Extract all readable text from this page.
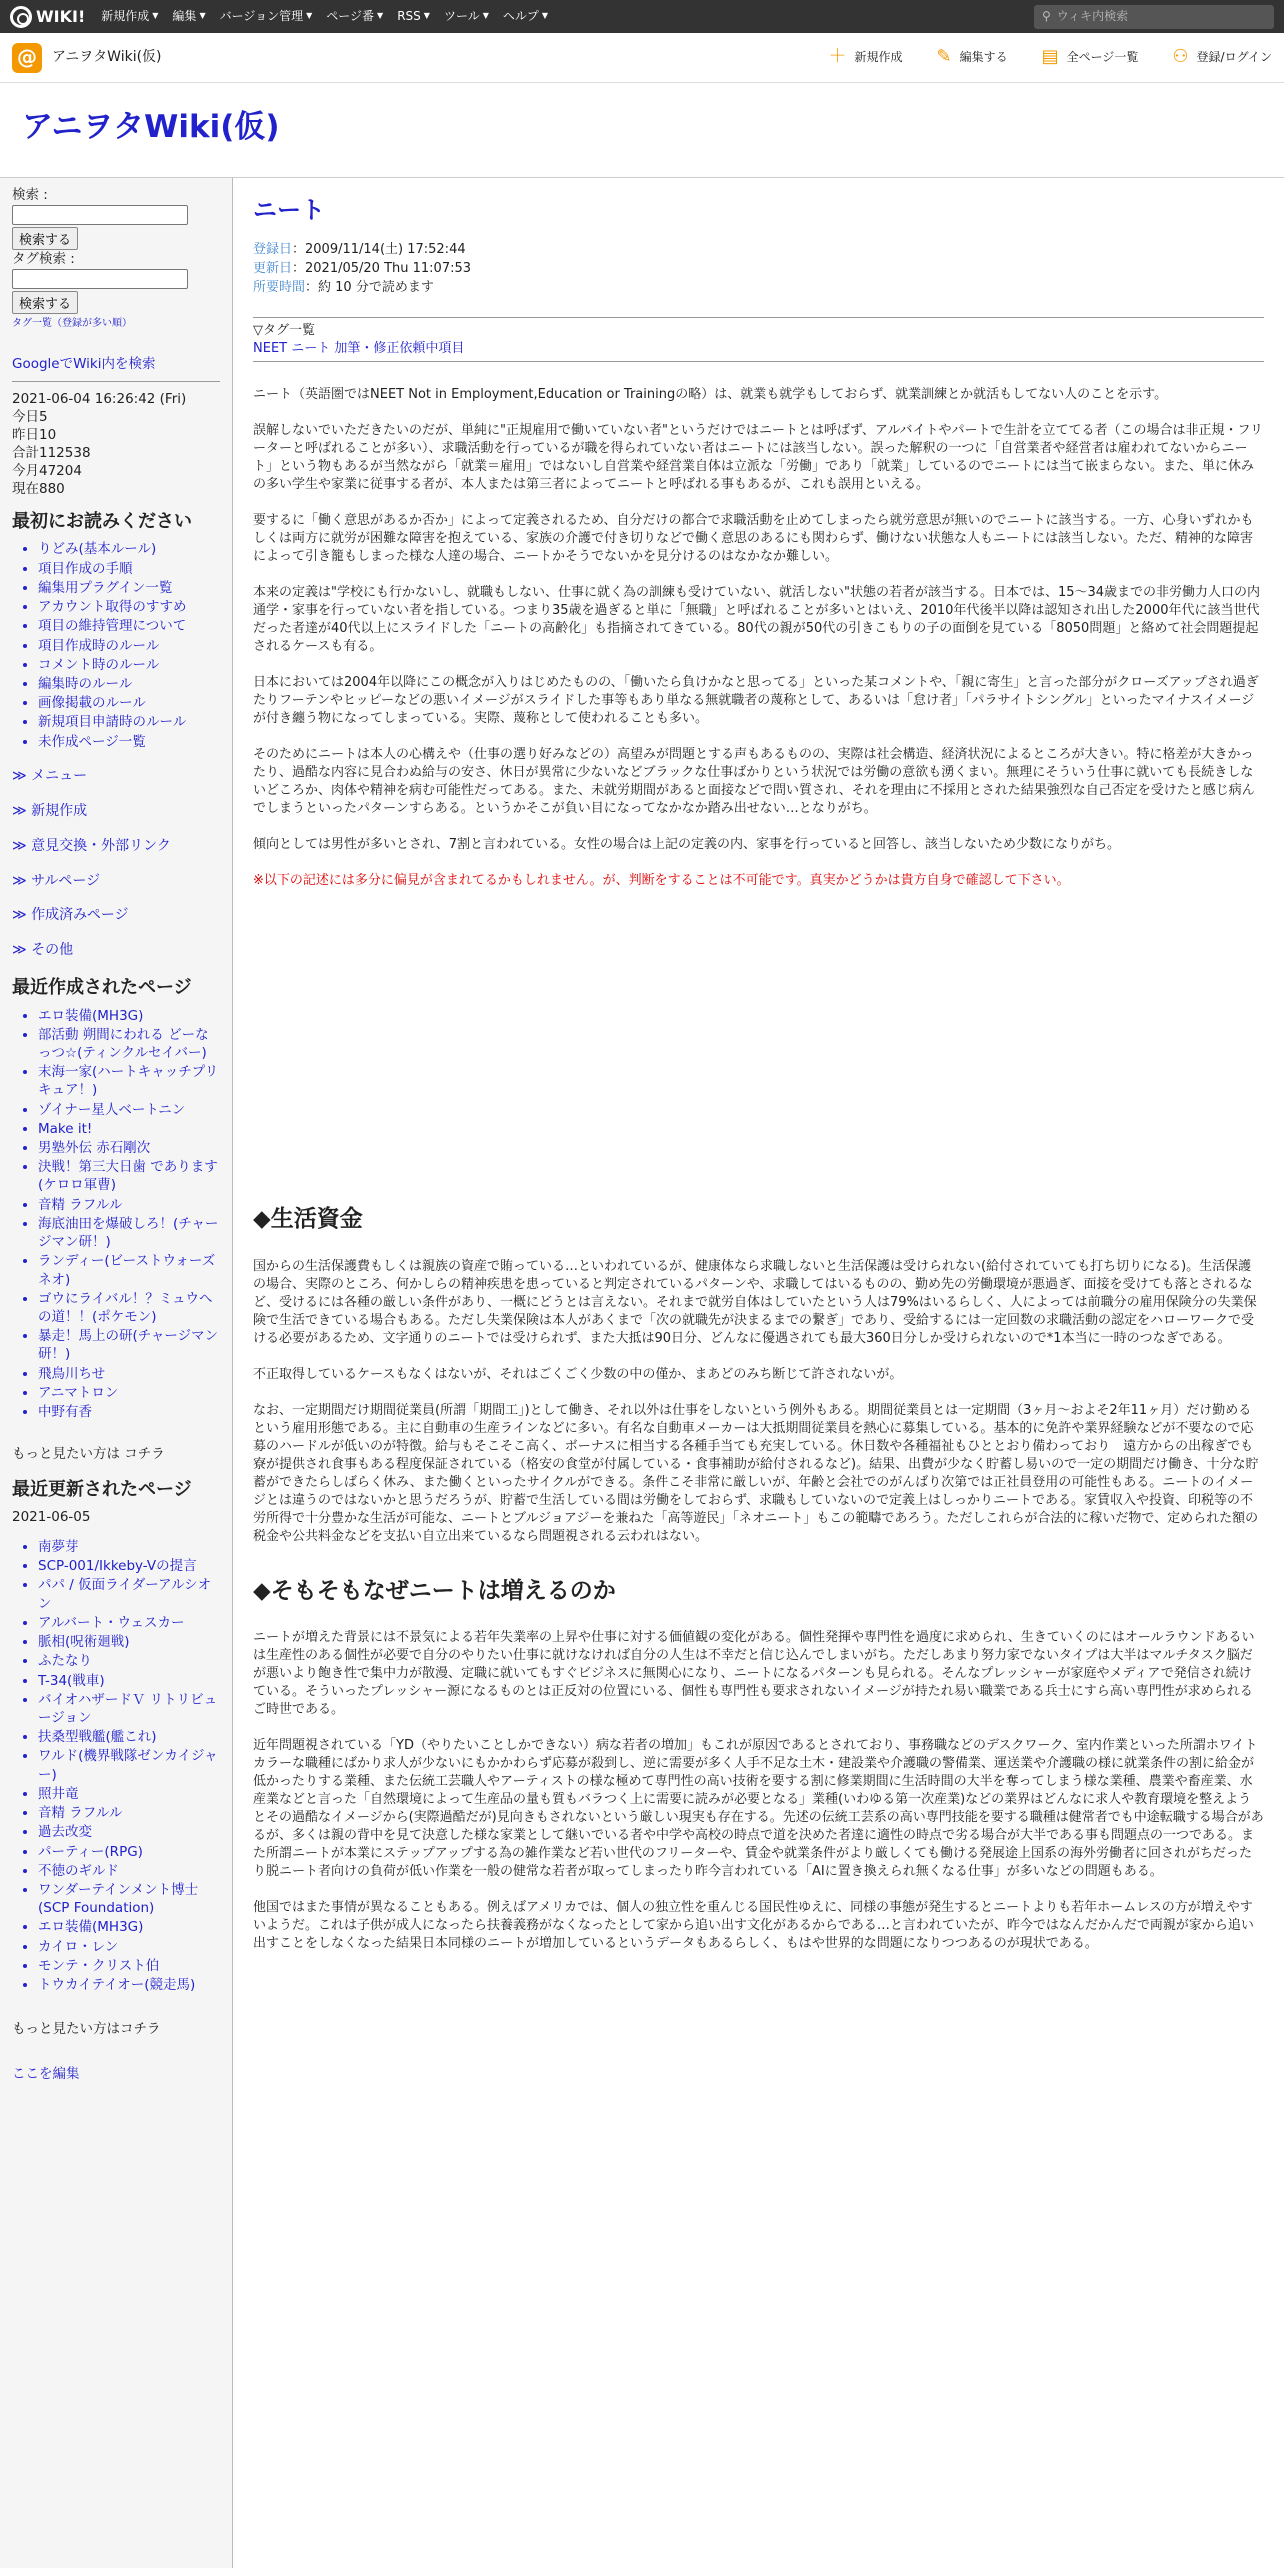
WIKI! 新規作成 ▼ 編集 ▼ バージョン管理 ▼ ページ番 ▼ RSS ▼ ツール ▼ ヘルプ ▼	⚲ ウィキ内検索
@	アニヲタWiki(仮)	＋ 新規作成 ✎ 編集する ▤ 全ページ一覧 ⚇ 登録/ログイン
アニヲタWiki(仮)
検索 :

検索する
タグ検索 :

検索する
タグ一覧（登録が多い順）
GoogleでWiki内を検索
2021-06-04 16:26:42 (Fri)
今日5
昨日10
合計112538
今月47204
現在880
最初にお読みください
• りどみ(基本ルール)
• 項目作成の手順
• 編集用プラグイン一覧
• アカウント取得のすすめ
• 項目の維持管理について
• 項目作成時のルール
• コメント時のルール
• 編集時のルール
• 画像掲載のルール
• 新規項目申請時のルール
• 未作成ページ一覧
≫ メニュー
≫ 新規作成
≫ 意見交換・外部リンク
≫ サルページ
≫ 作成済みページ
≫ その他
最近作成されたページ
• エロ装備(MH3G)
• 部活動 朔間にわれる どーなっつ☆(ティンクルセイバー)
• 末海一家(ハートキャッチプリキュア！)
• ゾイナー星人ベートニン
• Make it!
• 男塾外伝 赤石剛次
• 決戦！第三大日歯 であります(ケロロ軍曹)
• 音精 ラフルル
• 海底油田を爆破しろ！(チャージマン研！)
• ランディー(ビーストウォーズネオ)
• ゴウにライバル！？ミュウへの道！！(ポケモン)
• 暴走！馬上の研(チャージマン研！)
• 飛鳥川ちせ
• アニマトロン
• 中野有香
もっと見たい方は コチラ
最近更新されたページ
2021-06-05
• 南夢芽
• SCP-001/Ikkeby-Vの提言
• パパ / 仮面ライダーアルシオン
• アルバート・ウェスカー
• 脈相(呪術廻戦)
• ふたなり
• T-34(戦車)
• バイオハザードＶ リトリビュージョン
• 扶桑型戦艦(艦これ)
• ワルド(機界戦隊ゼンカイジャー)
• 照井竜
• 音精 ラフルル
• 過去改変
• パーティー(RPG)
• 不徳のギルド
• ワンダーテインメント博士(SCP Foundation)
• エロ装備(MH3G)
• カイロ・レン
• モンテ・クリスト伯
• トウカイテイオー(競走馬)
もっと見たい方はコチラ
ここを編集
ニート
登録日：2009/11/14(土) 17:52:44
更新日：2021/05/20 Thu 11:07:53
所要時間：約 10 分で読めます
▽タグ一覧
NEET ニート 加筆・修正依頼中項目
ニート（英語圏ではNEET Not in Employment,Education or Trainingの略）は、就業も就学もしておらず、就業訓練とか就活もしてない人のことを示す。
誤解しないでいただきたいのだが、単純に"正規雇用で働いていない者"というだけではニートとは呼ばず、アルバイトやパートで生計を立ててる者（この場合は非正規・フリーターと呼ばれることが多い）、求職活動を行っているが職を得られていない者はニートには該当しない。誤った解釈の一つに「自営業者や経営者は雇われてないからニート」という物もあるが当然ながら「就業＝雇用」ではないし自営業や経営業自体は立派な「労働」であり「就業」しているのでニートには当て嵌まらない。また、単に休みの多い学生や家業に従事する者が、本人または第三者によってニートと呼ばれる事もあるが、これも誤用といえる。
要するに「働く意思があるか否か」によって定義されるため、自分だけの都合で求職活動を止めてしまったら就労意思が無いのでニートに該当する。一方、心身いずれかもしくは両方に就労が困難な障害を抱えている、家族の介護で付き切りなどで働く意思のあるにも関わらず、働けない状態な人もニートには該当しない。ただ、精神的な障害によって引き籠もしまった様な人達の場合、ニートかそうでないかを見分けるのはなかなか難しい。
本来の定義は"学校にも行かないし、就職もしない、仕事に就く為の訓練も受けていない、就活しない"状態の若者が該当する。日本では、15〜34歳までの非労働力人口の内通学・家事を行っていない者を指している。つまり35歳を過ぎると単に「無職」と呼ばれることが多いとはいえ、2010年代後半以降は認知され出した2000年代に該当世代だった者達が40代以上にスライドした「ニートの高齢化」も指摘されてきている。80代の親が50代の引きこもりの子の面倒を見ている「8050問題」と絡めて社会問題提起されるケースも有る。
日本においては2004年以降にこの概念が入りはじめたものの、「働いたら負けかなと思ってる」といった某コメントや、「親に寄生」と言った部分がクローズアップされ過ぎたりフーテンやヒッピーなどの悪いイメージがスライドした事等もあり単なる無就職者の蔑称として、あるいは「怠け者」「パラサイトシングル」といったマイナスイメージが付き纏う物になってしまっている。実際、蔑称として使われることも多い。
そのためにニートは本人の心構えや（仕事の選り好みなどの）高望みが問題とする声もあるものの、実際は社会構造、経済状況によるところが大きい。特に格差が大きかったり、過酷な内容に見合わぬ給与の安さ、休日が異常に少ないなどブラックな仕事ばかりという状況では労働の意欲も湧くまい。無理にそういう仕事に就いても長続きしないどころか、肉体や精神を病む可能性だってある。また、未就労期間があると面接などで問い質され、それを理由に不採用とされた結果強烈な自己否定を受けたと感じ病んでしまうといったパターンすらある。というかそこが負い目になってなかなか踏み出せない…となりがち。
傾向としては男性が多いとされ、7割と言われている。女性の場合は上記の定義の内、家事を行っていると回答し、該当しないため少数になりがち。
※以下の記述には多分に偏見が含まれてるかもしれません。が、判断をすることは不可能です。真実かどうかは貴方自身で確認して下さい。
◆生活資金
国からの生活保護費もしくは親族の資産で賄っている…といわれているが、健康体なら求職しないと生活保護は受けられない(給付されていても打ち切りになる)。生活保護の場合、実際のところ、何かしらの精神疾患を患っていると判定されているパターンや、求職してはいるものの、勤め先の労働環境が悪過ぎ、面接を受けても落とされるなど、受けるには各種の厳しい条件があり、一概にどうとは言えない。それまで就労自体はしていたという人は79%はいるらしく、人によっては前職分の雇用保険分の失業保険で生活できている場合もある。ただし失業保険は本人があくまで「次の就職先が決まるまでの繋ぎ」であり、受給するには一定回数の求職活動の認定をハローワークで受ける必要があるため、文字通りのニートでは受けられず、また大抵は90日分、どんなに優遇されても最大360日分しか受けられないので*1本当に一時のつなぎである。
不正取得しているケースもなくはないが、それはごくごく少数の中の僅か、まあどのみち断じて許されないが。
なお、一定期間だけ期間従業員(所謂「期間工」)として働き、それ以外は仕事をしないという例外もある。期間従業員とは一定期間（3ヶ月〜およそ2年11ヶ月）だけ勤めるという雇用形態である。主に自動車の生産ラインなどに多い。有名な自動車メーカーは大抵期間従業員を熱心に募集している。基本的に免許や業界経験などが不要なので応募のハードルが低いのが特徴。給与もそこそこ高く、ボーナスに相当する各種手当ても充実している。休日数や各種福祉もひととおり備わっており　遠方からの出稼ぎでも寮が提供され食事もある程度保証されている（格安の食堂が付属している・食事補助が給付されるなど)。結果、出費が少なく貯蓄し易いので一定の期間だけ働き、十分な貯蓄ができたらしばらく休み、また働くといったサイクルができる。条件こそ非常に厳しいが、年齢と会社でのがんばり次第では正社員登用の可能性もある。ニートのイメージとは違うのではないかと思うだろうが、貯蓄で生活している間は労働をしておらず、求職もしていないので定義上はしっかりニートである。家賃収入や投資、印税等の不労所得で十分豊かな生活が可能な、ニートとブルジョアジーを兼ねた「高等遊民」「ネオニート」もこの範疇であろう。ただしこれらが合法的に稼いだ物で、定められた額の税金や公共料金などを支払い自立出来ているなら問題視される云われはない。
◆そもそもなぜニートは増えるのか
ニートが増えた背景には不景気による若年失業率の上昇や仕事に対する価値観の変化がある。個性発揮や専門性を過度に求められ、生きていくのにはオールラウンドあるいは生産性のある個性が必要で自分のやりたい仕事に就けなければ自分の人生は不幸だと信じ込んでしまいがち。ただしあまり努力家でないタイプは大半はマルチタスク脳だが悪いより飽き性で集中力が散漫、定職に就いてもすぐビジネスに無関心になり、ニートになるパターンも見られる。そんなプレッシャーが家庭やメディアで発信され続けている。そういったプレッシャー源になるものとは正反対の位置にいる、個性も専門性も要求されないイメージが持たれ易い職業である兵士にすら高い専門性が求められるご時世である。
近年問題視されている「YD（やりたいことしかできない）病な若者の増加」もこれが原因であるとされており、事務職などのデスクワーク、室内作業といった所謂ホワイトカラーな職種にばかり求人が少ないにもかかわらず応募が殺到し、逆に需要が多く人手不足な土木・建設業や介護職の警備業、運送業や介護職の様に就業条件の割に給金が低かったりする業種、また伝統工芸職人やアーティストの様な極めて専門性の高い技術を要する割に修業期間に生活時間の大半を奪ってしまう様な業種、農業や畜産業、水産業などと言った「自然環境によって生産品の量も質もバラつく上に需要に読みが必要となる」業種(いわゆる第一次産業)などの業界はどんなに求人や教育環境を整えようとその過酷なイメージから(実際過酷だが)見向きもされないという厳しい現実も存在する。先述の伝統工芸系の高い専門技能を要する職種は健常者でも中途転職する場合があるが、多くは親の背中を見て決意した様な家業として継いでいる者や中学や高校の時点で道を決めた者達に適性の時点で劣る場合が大半である事も問題点の一つである。また所謂ニートが本業にステップアップする為の雑作業など若い世代のフリーターや、賃金や就業条件がより厳しくても働ける発展途上国系の海外労働者に回されがちだったり脱ニート者向けの負荷が低い作業を一般の健常な若者が取ってしまったり昨今言われている「AIに置き換えられ無くなる仕事」が多いなどの問題もある。
他国ではまた事情が異なることもある。例えばアメリカでは、個人の独立性を重んじる国民性ゆえに、同様の事態が発生するとニートよりも若年ホームレスの方が増えやすいようだ。これは子供が成人になったら扶養義務がなくなったとして家から追い出す文化があるからである…と言われていたが、昨今ではなんだかんだで両親が家から追い出すことをしなくなった結果日本同様のニートが増加しているというデータもあるらしく、もはや世界的な問題になりつつあるのが現状である。
